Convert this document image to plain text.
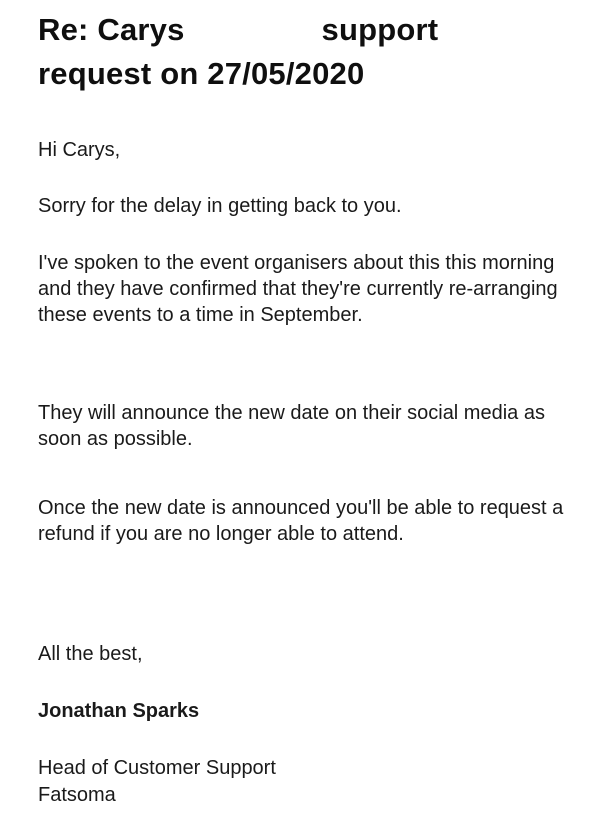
Re: Carys	support
request on 27/05/2020

Hi Carys,

Sorry for the delay in getting back to you.

I've spoken to the event organisers about this this morning and they have confirmed that they're currently re-arranging these events to a time in September.

They will announce the new date on their social media as soon as possible.

Once the new date is announced you'll be able to request a refund if you are no longer able to attend.

All the best,

Jonathan Sparks

Head of Customer Support

Fatsoma
